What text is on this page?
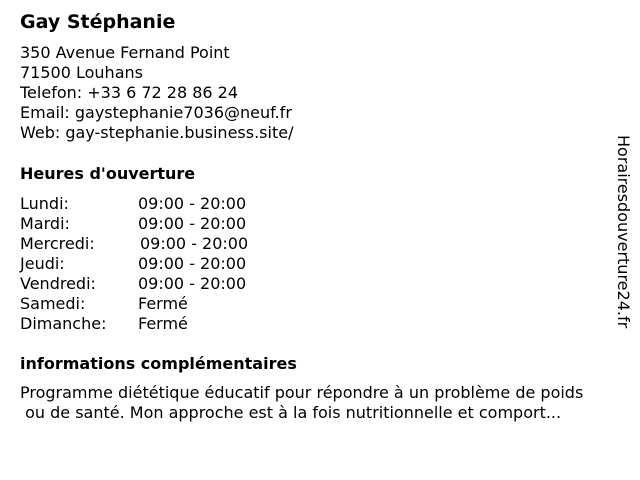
Gay Stéphanie
350 Avenue Fernand Point
71500 Louhans
Telefon: +33 6 72 28 86 24
Email: gaystephanie7036@neuf.fr
Web: gay-stephanie.business.site/
Heures d'ouverture
Lundi:	09:00 - 20:00
Mardi:	09:00 - 20:00
Mercredi:	09:00 - 20:00
Jeudi:	09:00 - 20:00
Vendredi:	09:00 - 20:00
Samedi:	Fermé
Dimanche: Fermé
informations complémentaires
Programme diététique éducatif pour répondre à un problème de poids
ou de santé. Mon approche est à la fois nutritionnelle et comport...
Horairesdouverture24.fr
